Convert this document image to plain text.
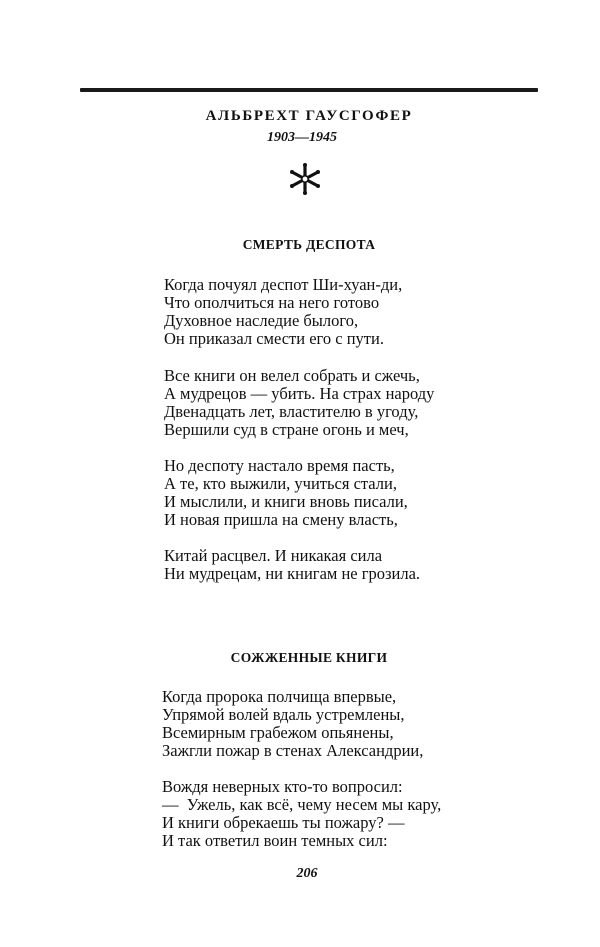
АЛЬБРЕХТ ГАУСГОФЕР
1903—1945
СМЕРТЬ ДЕСПОТА
Когда почуял деспот Ши-хуан-ди,
Что ополчиться на него готово
Духовное наследие былого,
Он приказал смести его с пути.
Все книги он велел собрать и сжечь,
А мудрецов — убить. На страх народу
Двенадцать лет, властителю в угоду,
Вершили суд в стране огонь и меч,
Но деспоту настало время пасть,
А те, кто выжили, учиться стали,
И мыслили, и книги вновь писали,
И новая пришла на смену власть,
Китай расцвел. И никакая сила
Ни мудрецам, ни книгам не грозила.
СОЖЖЕННЫЕ КНИГИ
Когда пророка полчища впервые,
Упрямой волей вдаль устремлены,
Всемирным грабежом опьянены,
Зажгли пожар в стенах Александрии,
Вождя неверных кто-то вопросил:
—  Ужель, как всё, чему несем мы кару,
И книги обрекаешь ты пожару? —
И так ответил воин темных сил:
206
